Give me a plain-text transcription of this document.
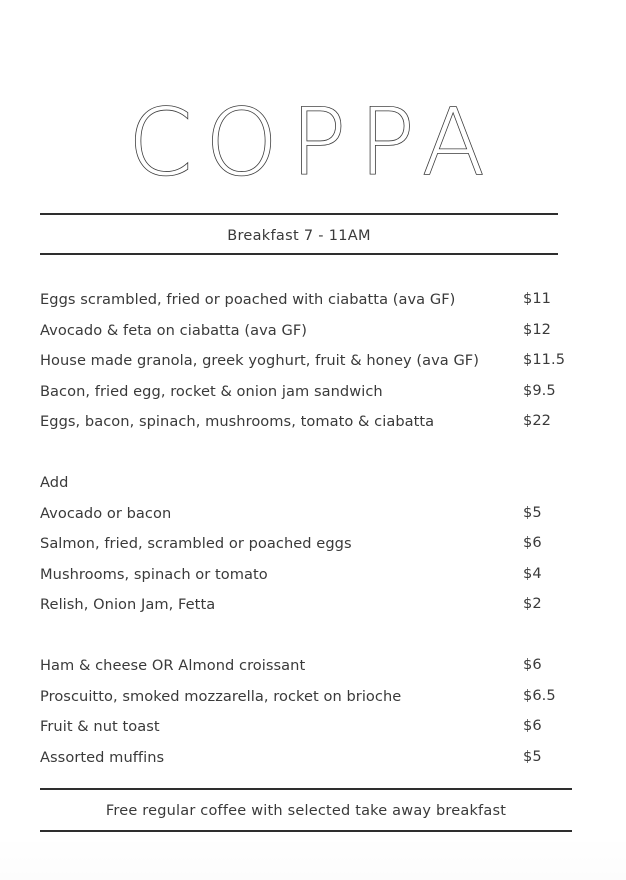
COPPA
Breakfast 7 - 11AM
Eggs scrambled, fried or poached with ciabatta (ava GF)	$11
Avocado & feta on ciabatta (ava GF)	$12
House made granola, greek yoghurt, fruit & honey (ava GF)	$11.5
Bacon, fried egg, rocket & onion jam sandwich	$9.5
Eggs, bacon, spinach, mushrooms, tomato & ciabatta	$22
Add
Avocado or bacon	$5
Salmon, fried, scrambled or poached eggs	$6
Mushrooms, spinach or tomato	$4
Relish, Onion Jam, Fetta	$2
Ham & cheese OR Almond croissant	$6
Proscuitto, smoked mozzarella, rocket on brioche	$6.5
Fruit & nut toast	$6
Assorted muffins	$5
Free regular coffee with selected take away breakfast
